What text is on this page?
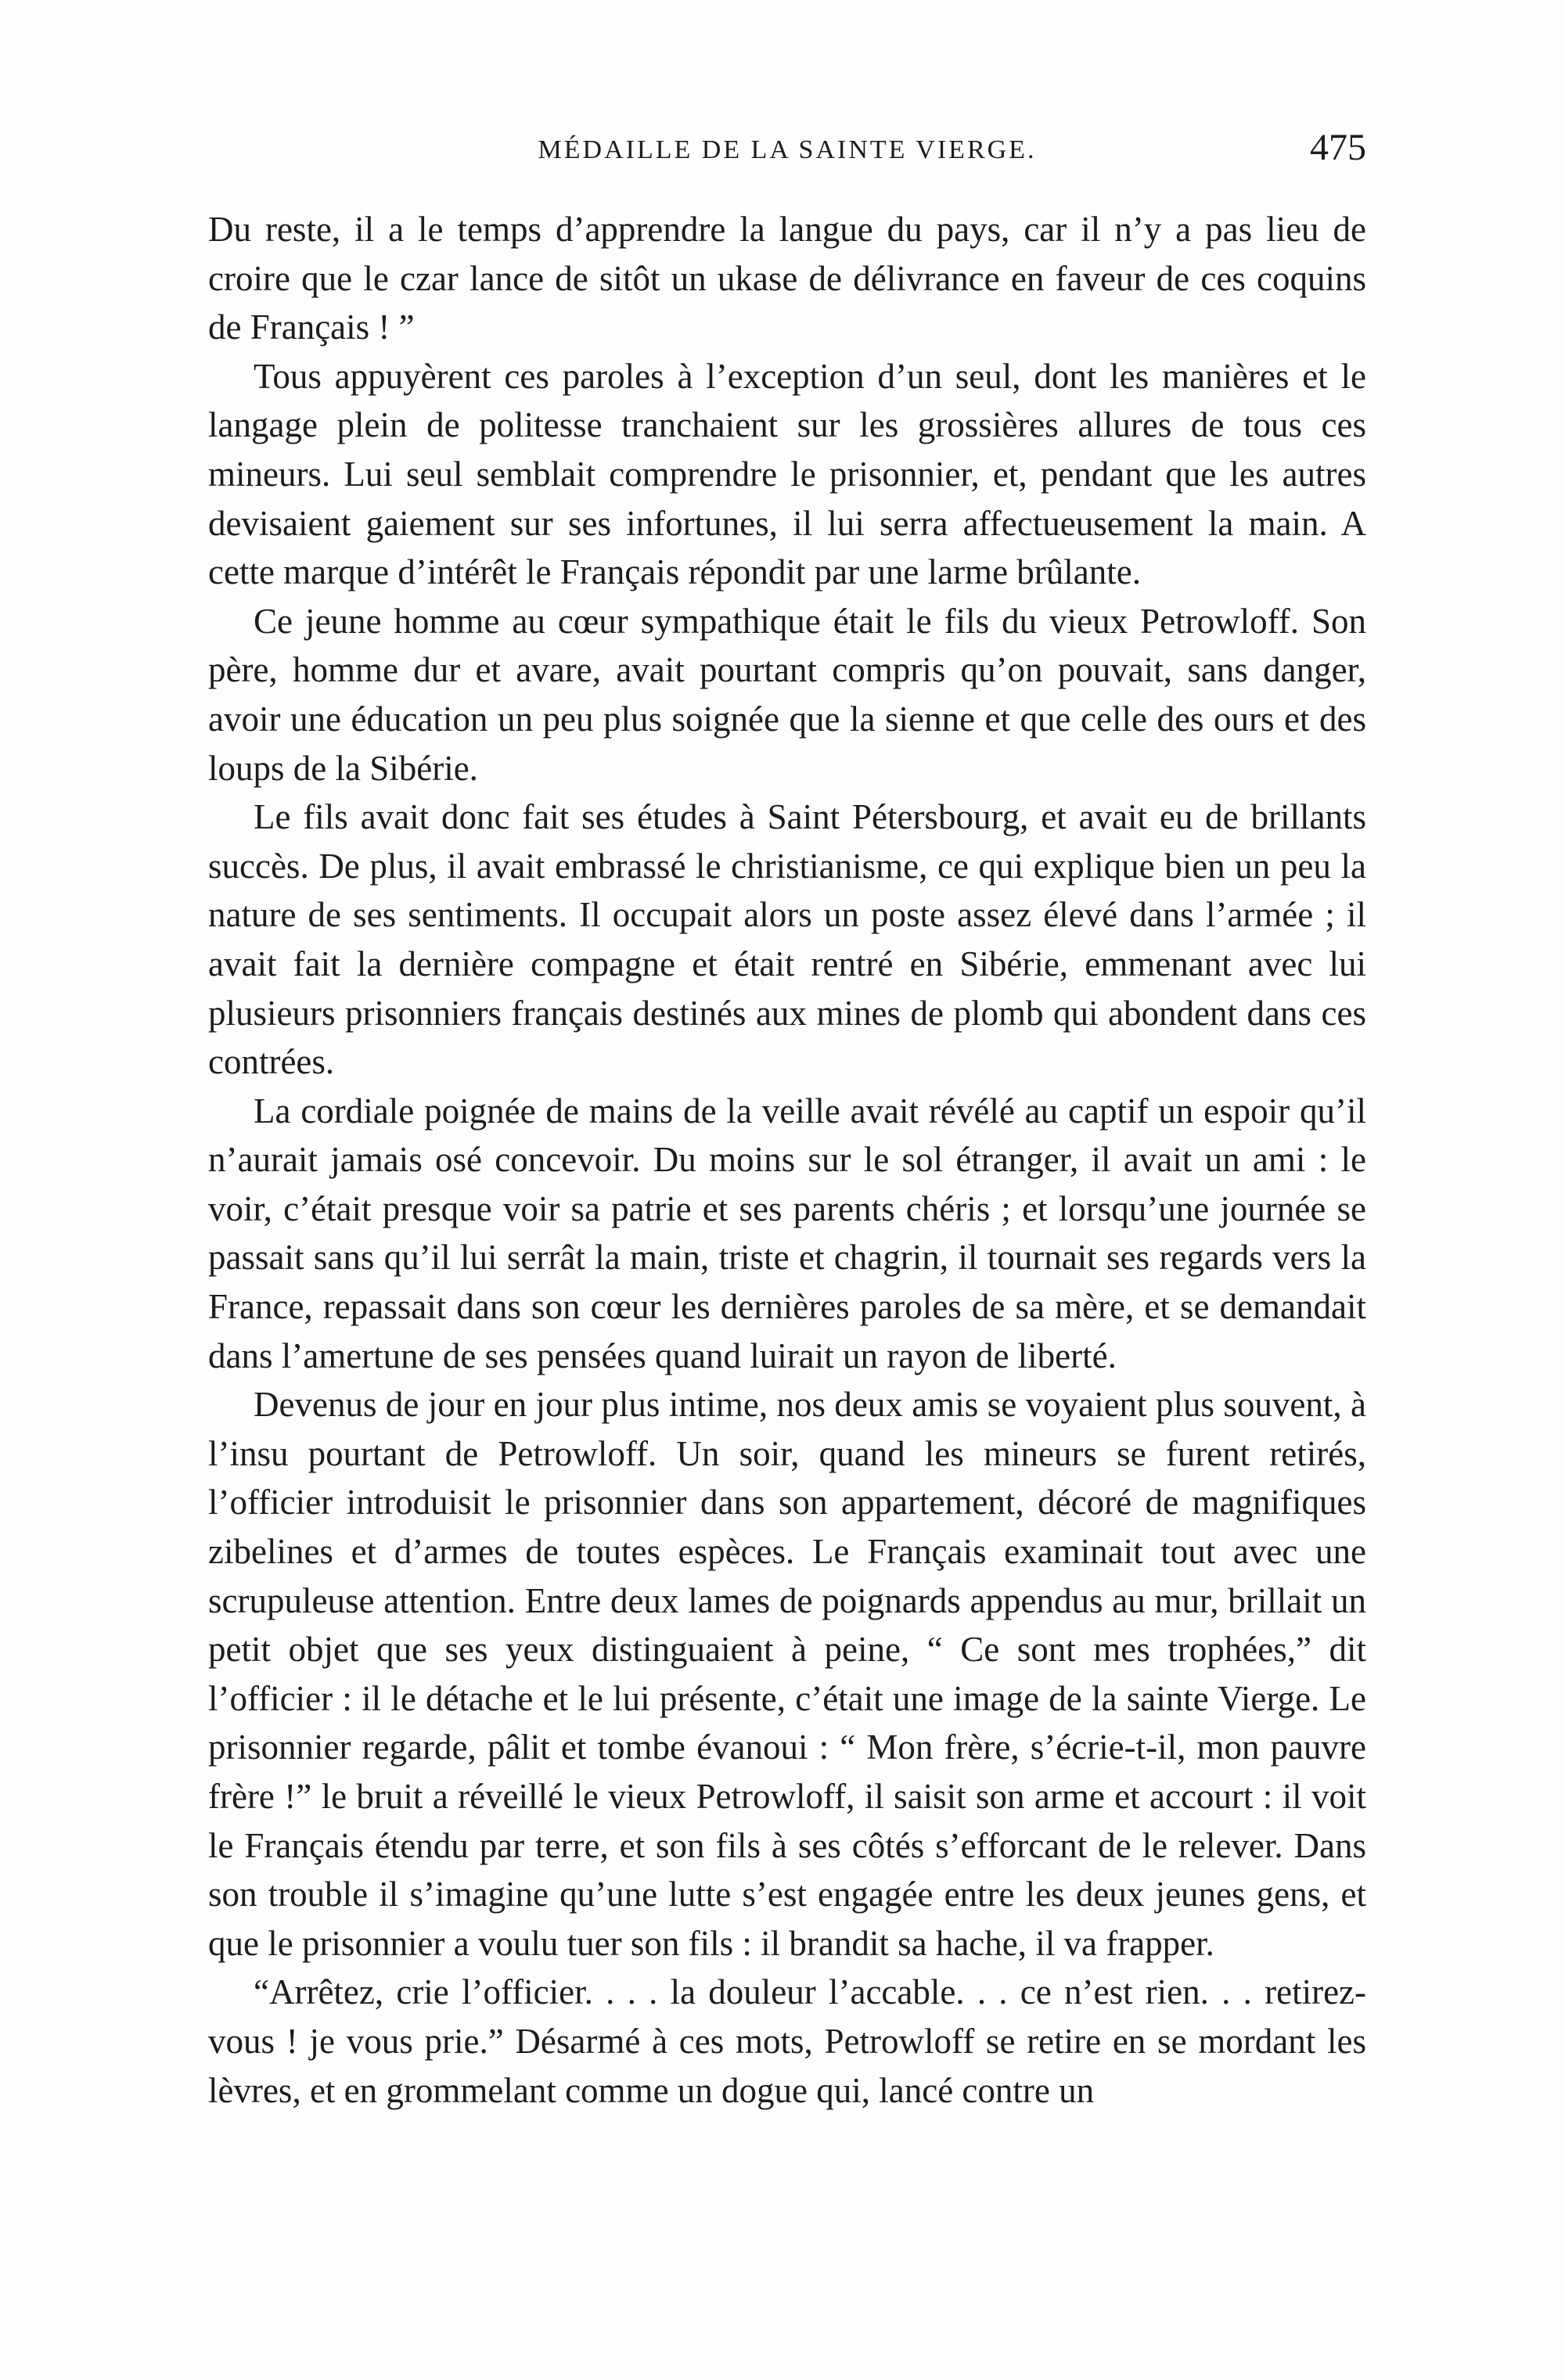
MÉDAILLE DE LA SAINTE VIERGE.	475

Du reste, il a le temps d’apprendre la langue du pays, car il n’y a pas lieu de croire que le czar lance de sitôt un ukase de délivrance en faveur de ces coquins de Français ! ”

Tous appuyèrent ces paroles à l’exception d’un seul, dont les manières et le langage plein de politesse tranchaient sur les grossières allures de tous ces mineurs. Lui seul semblait comprendre le prisonnier, et, pendant que les autres devisaient gaiement sur ses infortunes, il lui serra affectueusement la main. A cette marque d’intérêt le Français répondit par une larme brûlante.

Ce jeune homme au cœur sympathique était le fils du vieux Petrowloff. Son père, homme dur et avare, avait pourtant compris qu’on pouvait, sans danger, avoir une éducation un peu plus soignée que la sienne et que celle des ours et des loups de la Sibérie.

Le fils avait donc fait ses études à Saint Pétersbourg, et avait eu de brillants succès. De plus, il avait embrassé le christianisme, ce qui explique bien un peu la nature de ses sentiments. Il occupait alors un poste assez élevé dans l’armée ; il avait fait la dernière compagne et était rentré en Sibérie, emmenant avec lui plusieurs prisonniers français destinés aux mines de plomb qui abondent dans ces contrées.

La cordiale poignée de mains de la veille avait révélé au captif un espoir qu’il n’aurait jamais osé concevoir. Du moins sur le sol étranger, il avait un ami : le voir, c’était presque voir sa patrie et ses parents chéris ; et lorsqu’une journée se passait sans qu’il lui serrât la main, triste et chagrin, il tournait ses regards vers la France, repassait dans son cœur les dernières paroles de sa mère, et se demandait dans l’amertune de ses pensées quand luirait un rayon de liberté.

Devenus de jour en jour plus intime, nos deux amis se voyaient plus souvent, à l’insu pourtant de Petrowloff. Un soir, quand les mineurs se furent retirés, l’officier introduisit le prisonnier dans son appartement, décoré de magnifiques zibelines et d’armes de toutes espèces. Le Français examinait tout avec une scrupuleuse attention. Entre deux lames de poignards appendus au mur, brillait un petit objet que ses yeux distinguaient à peine, “ Ce sont mes trophées,” dit l’officier : il le détache et le lui présente, c’était une image de la sainte Vierge. Le prisonnier regarde, pâlit et tombe évanoui : “ Mon frère, s’écrie-t-il, mon pauvre frère !” le bruit a réveillé le vieux Petrowloff, il saisit son arme et accourt : il voit le Français étendu par terre, et son fils à ses côtés s’efforcant de le relever. Dans son trouble il s’imagine qu’une lutte s’est engagée entre les deux jeunes gens, et que le prisonnier a voulu tuer son fils : il brandit sa hache, il va frapper.

“Arrêtez, crie l’officier. . . . la douleur l’accable. . . ce n’est rien. . . retirez-vous ! je vous prie.” Désarmé à ces mots, Petrowloff se retire en se mordant les lèvres, et en grommelant comme un dogue qui, lancé contre un
